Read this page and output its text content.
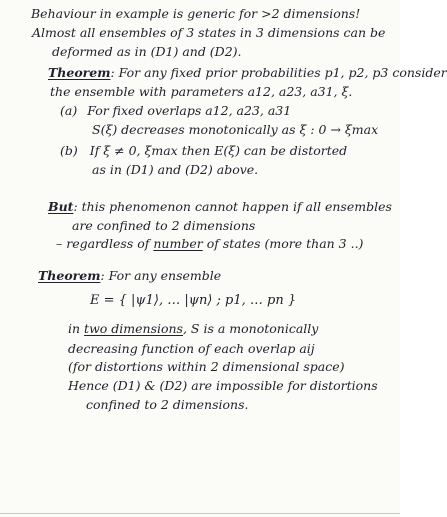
Behaviour in example is generic for >2 dimensions!
Almost all ensembles of 3 states in 3 dimensions can be
deformed as in (D1) and (D2).
Theorem: For any fixed prior probabilities p1, p2, p3 consider
the ensemble with parameters a12, a23, a31, ξ.
(a) For fixed overlaps a12, a23, a31
S(ξ) decreases monotonically as ξ : 0 → ξmax
(b) If ξ ≠ 0, ξmax then E(ξ) can be distorted
as in (D1) and (D2) above.
But: this phenomenon cannot happen if all ensembles
are confined to 2 dimensions
– regardless of number of states (more than 3 ..)
Theorem: For any ensemble
E = { |ψ1⟩, … |ψn⟩ ; p1, … pn }
in two dimensions, S is a monotonically
decreasing function of each overlap aij
(for distortions within 2 dimensional space)
Hence (D1) & (D2) are impossible for distortions
confined to 2 dimensions.
